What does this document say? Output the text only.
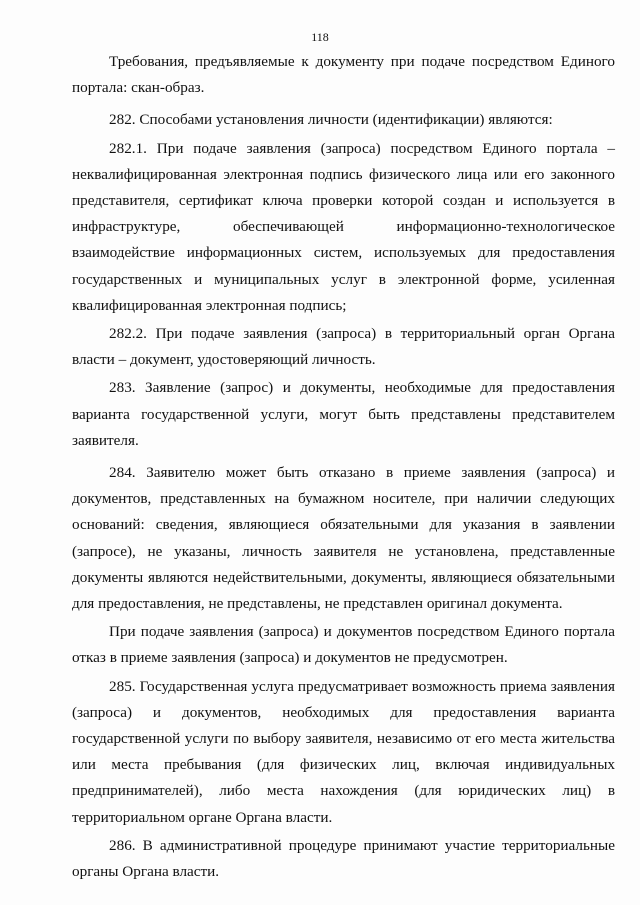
118

Требования, предъявляемые к документу при подаче посредством Единого портала: скан-образ.

282. Способами установления личности (идентификации) являются:

282.1. При подаче заявления (запроса) посредством Единого портала – неквалифицированная электронная подпись физического лица или его законного представителя, сертификат ключа проверки которой создан и используется в инфраструктуре, обеспечивающей информационно-технологическое взаимодействие информационных систем, используемых для предоставления государственных и муниципальных услуг в электронной форме, усиленная квалифицированная электронная подпись;

282.2. При подаче заявления (запроса) в территориальный орган Органа власти – документ, удостоверяющий личность.

283. Заявление (запрос) и документы, необходимые для предоставления варианта государственной услуги, могут быть представлены представителем заявителя.

284. Заявителю может быть отказано в приеме заявления (запроса) и документов, представленных на бумажном носителе, при наличии следующих оснований: сведения, являющиеся обязательными для указания в заявлении (запросе), не указаны, личность заявителя не установлена, представленные документы являются недействительными, документы, являющиеся обязательными для предоставления, не представлены, не представлен оригинал документа.

При подаче заявления (запроса) и документов посредством Единого портала отказ в приеме заявления (запроса) и документов не предусмотрен.

285. Государственная услуга предусматривает возможность приема заявления (запроса) и документов, необходимых для предоставления варианта государственной услуги по выбору заявителя, независимо от его места жительства или места пребывания (для физических лиц, включая индивидуальных предпринимателей), либо места нахождения (для юридических лиц) в территориальном органе Органа власти.

286. В административной процедуре принимают участие территориальные органы Органа власти.
